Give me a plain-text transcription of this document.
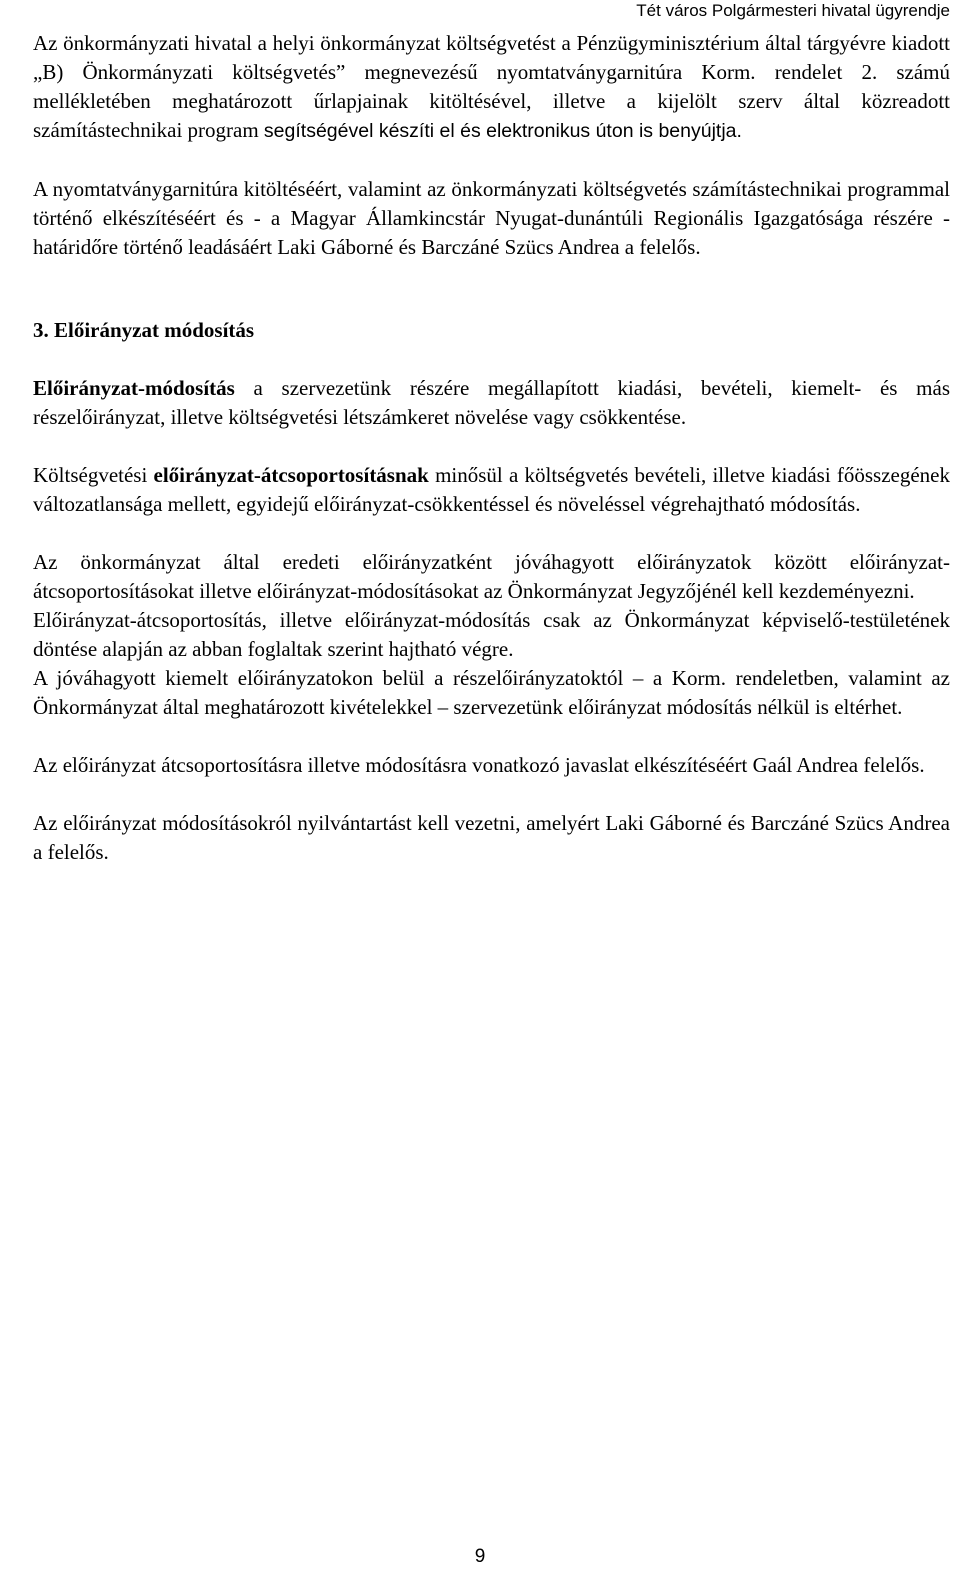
Tét város Polgármesteri hivatal ügyrendje

Az önkormányzati hivatal a helyi önkormányzat költségvetést a Pénzügyminisztérium által tárgyévre kiadott „B) Önkormányzati költségvetés” megnevezésű nyomtatványgarnitúra Korm. rendelet 2. számú mellékletében meghatározott űrlapjainak kitöltésével, illetve a kijelölt szerv által közreadott számítástechnikai program segítségével készíti el és elektronikus úton is benyújtja.

A nyomtatványgarnitúra kitöltéséért, valamint az önkormányzati költségvetés számítástechnikai programmal történő elkészítéséért és - a Magyar Államkincstár Nyugat-dunántúli Regionális Igazgatósága részére - határidőre történő leadásáért Laki Gáborné és Barczáné Szücs Andrea a felelős.

3. Előirányzat módosítás

Előirányzat-módosítás a szervezetünk részére megállapított kiadási, bevételi, kiemelt- és más részelőirányzat, illetve költségvetési létszámkeret növelése vagy csökkentése.

Költségvetési előirányzat-átcsoportosításnak minősül a költségvetés bevételi, illetve kiadási főösszegének változatlansága mellett, egyidejű előirányzat-csökkentéssel és növeléssel végrehajtható módosítás.

Az önkormányzat által eredeti előirányzatként jóváhagyott előirányzatok között előirányzat-átcsoportosításokat illetve előirányzat-módosításokat az Önkormányzat Jegyzőjénél kell kezdeményezni.

Előirányzat-átcsoportosítás, illetve előirányzat-módosítás csak az Önkormányzat képviselő-testületének döntése alapján az abban foglaltak szerint hajtható végre.

A jóváhagyott kiemelt előirányzatokon belül a részelőirányzatoktól – a Korm. rendeletben, valamint az Önkormányzat által meghatározott kivételekkel – szervezetünk előirányzat módosítás nélkül is eltérhet.

Az előirányzat átcsoportosításra illetve módosításra vonatkozó javaslat elkészítéséért Gaál Andrea felelős.

Az előirányzat módosításokról nyilvántartást kell vezetni, amelyért Laki Gáborné és Barczáné Szücs Andrea a felelős.

9
